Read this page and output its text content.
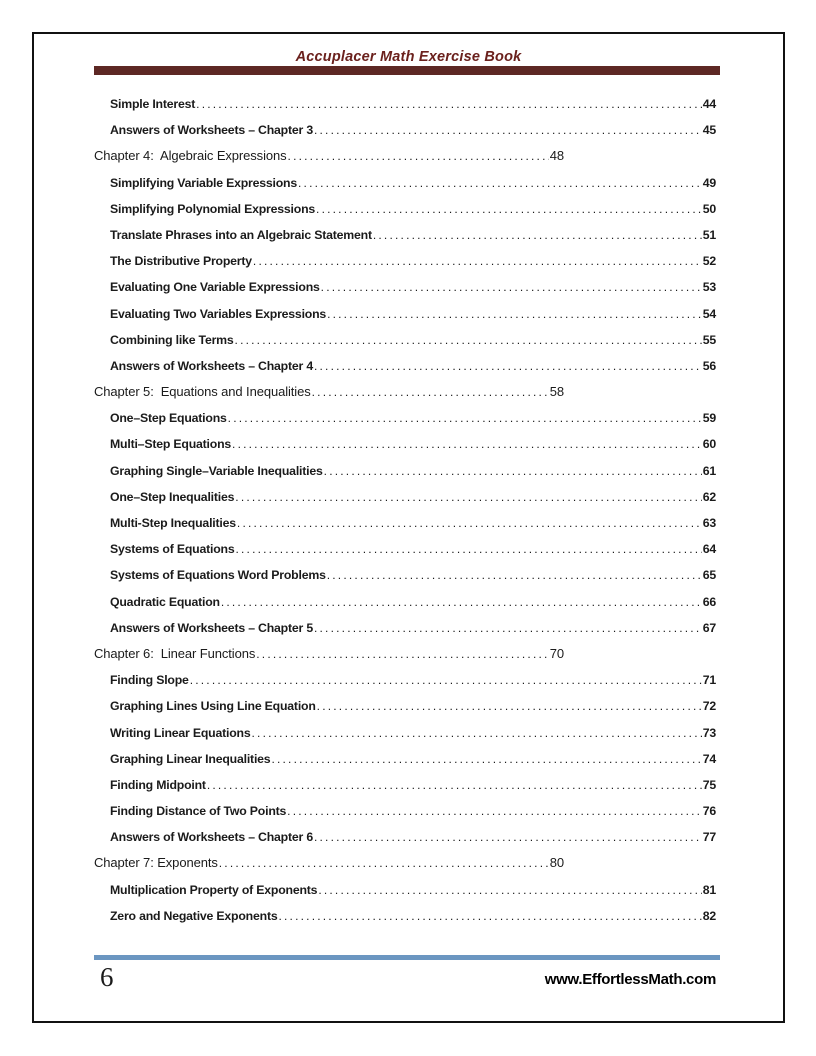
Accuplacer Math Exercise Book
Simple Interest .....	44
Answers of Worksheets – Chapter 3 .....	45
Chapter 4:  Algebraic Expressions .....	48
Simplifying Variable Expressions .....	49
Simplifying Polynomial Expressions .....	50
Translate Phrases into an Algebraic Statement .....	51
The Distributive Property .....	52
Evaluating One Variable Expressions .....	53
Evaluating Two Variables Expressions .....	54
Combining like Terms .....	55
Answers of Worksheets – Chapter 4 .....	56
Chapter 5:  Equations and Inequalities .....	58
One–Step Equations .....	59
Multi–Step Equations .....	60
Graphing Single–Variable Inequalities .....	61
One–Step Inequalities .....	62
Multi-Step Inequalities .....	63
Systems of Equations .....	64
Systems of Equations Word Problems .....	65
Quadratic Equation .....	66
Answers of Worksheets – Chapter 5 .....	67
Chapter 6:  Linear Functions .....	70
Finding Slope .....	71
Graphing Lines Using Line Equation .....	72
Writing Linear Equations .....	73
Graphing Linear Inequalities .....	74
Finding Midpoint .....	75
Finding Distance of Two Points .....	76
Answers of Worksheets – Chapter 6 .....	77
Chapter 7: Exponents .....	80
Multiplication Property of Exponents .....	81
Zero and Negative Exponents .....	82
6	www.EffortlessMath.com
